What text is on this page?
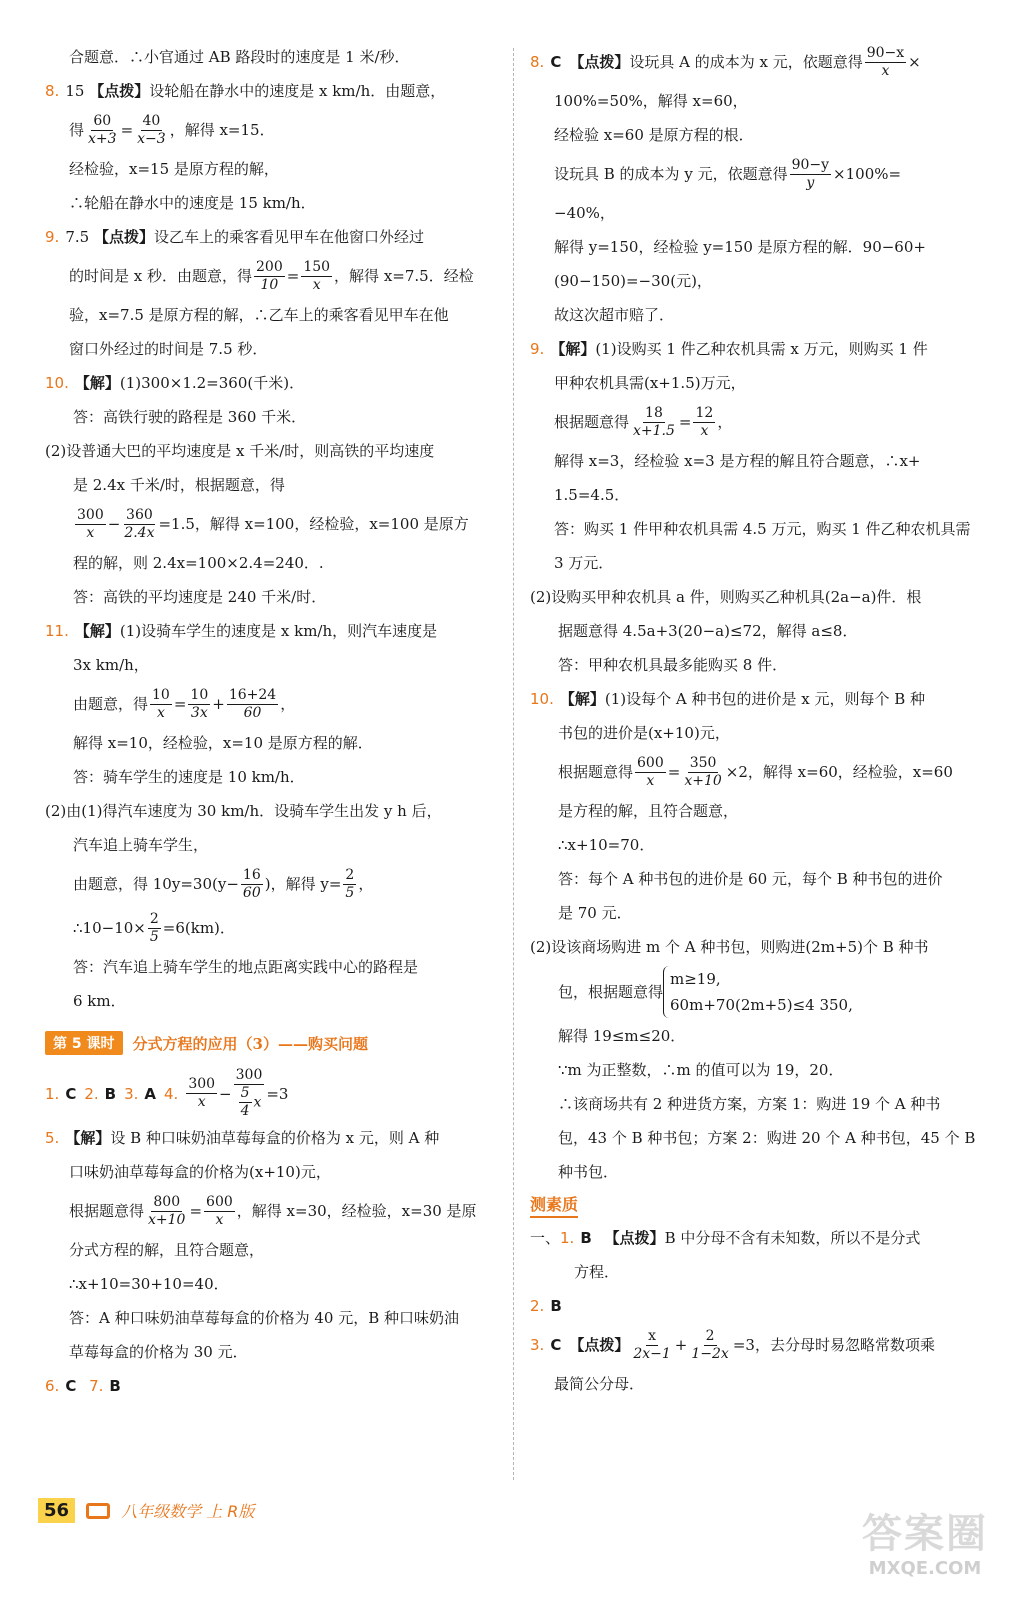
合题意．∴小官通过 AB 路段时的速度是 1 米/秒．

8. 15 【点拨】设轮船在静水中的速度是 x km/h．由题意，
得 $\frac{60}{x+3} = \frac{40}{x-3}$ ，解得 x=15．

经检验，x=15 是原方程的解，

∴轮船在静水中的速度是 15 km/h．

9. 7.5 【点拨】设乙车上的乘客看见甲车在他窗口外经过
的时间是 x 秒．由题意，得 $\frac{200}{10} = \frac{150}{x}$ ，解得 x=7.5．经检

验，x=7.5 是原方程的解，∴乙车上的乘客看见甲车在他

窗口外经过的时间是 7.5 秒．

10. 【解】(1)300×1.2=360(千米)．

答：高铁行驶的路程是 360 千米．

(2)设普通大巴的平均速度是 x 千米/时，则高铁的平均速度

是 2.4x 千米/时，根据题意，得

$\frac{300}{x} - \frac{360}{2.4x} =1.5$，解得 x=100，经检验，x=100 是原方

程的解，则 2.4x=100×2.4=240．.

答：高铁的平均速度是 240 千米/时．

11. 【解】(1)设骑车学生的速度是 x km/h，则汽车速度是

3x km/h，

由题意，得 $\frac{10}{x} = \frac{10}{3x} + \frac{16+24}{60}$ ，

解得 x=10，经检验，x=10 是原方程的解．

答：骑车学生的速度是 10 km/h．

(2)由(1)得汽车速度为 30 km/h．设骑车学生出发 y h 后，

汽车追上骑车学生，

由题意，得 10y=30 ($y- \frac{16}{60}$ )，解得 $y= \frac{2}{5}$ ，
∴10−10× $\frac{2}{5} =6(km)$．

答：汽车追上骑车学生的地点距离实践中心的路程是

6 km．

第 5 课时	分式方程的应用（3）——购买问题
1. C 2. B 3. A 4. $\frac{300}{x} - \frac{300}{\frac{5}{4} x} =3$
5. 【解】设 B 种口味奶油草莓每盒的价格为 x 元，则 A 种

口味奶油草莓每盒的价格为(x+10)元，

根据题意得 $\frac{800}{x+10} = \frac{600}{x}$ ，解得 x=30，经检验，x=30 是原

分式方程的解，且符合题意，

∴x+10=30+10=40．

答：A 种口味奶油草莓每盒的价格为 40 元，B 种口味奶油

草莓每盒的价格为 30 元．

6. C 7. B
8. C 【点拨】 设玩具 A 的成本为 x 元，依题意得 $\frac{90-x}{x}$ ×

100%=50%，解得 x=60，

经检验 x=60 是原方程的根．

设玩具 B 的成本为 y 元，依题意得 $\frac{90-y}{y} \times 100\%=$

−40%，

解得 y=150，经检验 y=150 是原方程的解．90−60+

(90−150)=−30(元)，

故这次超市赔了．

9. 【解】(1)设购买 1 件乙种农机具需 x 万元，则购买 1 件

甲种农机具需(x+1.5)万元，

根据题意得 $\frac{18}{x+1.5} = \frac{12}{x}$ ，

解得 x=3，经检验 x=3 是方程的解且符合题意，∴x+

1.5=4.5．

答：购买 1 件甲种农机具需 4.5 万元，购买 1 件乙种农机具需

3 万元．

(2)设购买甲种农机具 a 件，则购买乙种机具(2a−a)件．根

据题意得 4.5a+3(20−a)≤72，解得 a≤8．

答：甲种农机具最多能购买 8 件．

10. 【解】(1)设每个 A 种书包的进价是 x 元，则每个 B 种

书包的进价是(x+10)元，

根据题意得 $\frac{600}{x} = \frac{350}{x+10} \times 2$，解得 x=60，经检验，x=60

是方程的解，且符合题意，

∴x+10=70．

答：每个 A 种书包的进价是 60 元，每个 B 种书包的进价

是 70 元．

(2)设该商场购进 m 个 A 种书包，则购进(2m+5)个 B 种书

包，根据题意得
m≥19,
60m+70(2m+5)≤4 350,

解得 19≤m≤20．

∵m 为正整数，∴m 的值可以为 19，20．

∴该商场共有 2 种进货方案，方案 1：购进 19 个 A 种书

包，43 个 B 种书包；方案 2：购进 20 个 A 种书包，45 个 B

种书包．

测素质
一、1. B 【点拨】B 中分母不含有未知数，所以不是分式

方程．

2. B
3. C 【点拨】 $\frac{x}{2x-1} + \frac{2}{1-2x} =3$，去分母时易忽略常数项乘

最简公分母．

56	八年级数学 上 R版	答案圈
MXQE.COM
